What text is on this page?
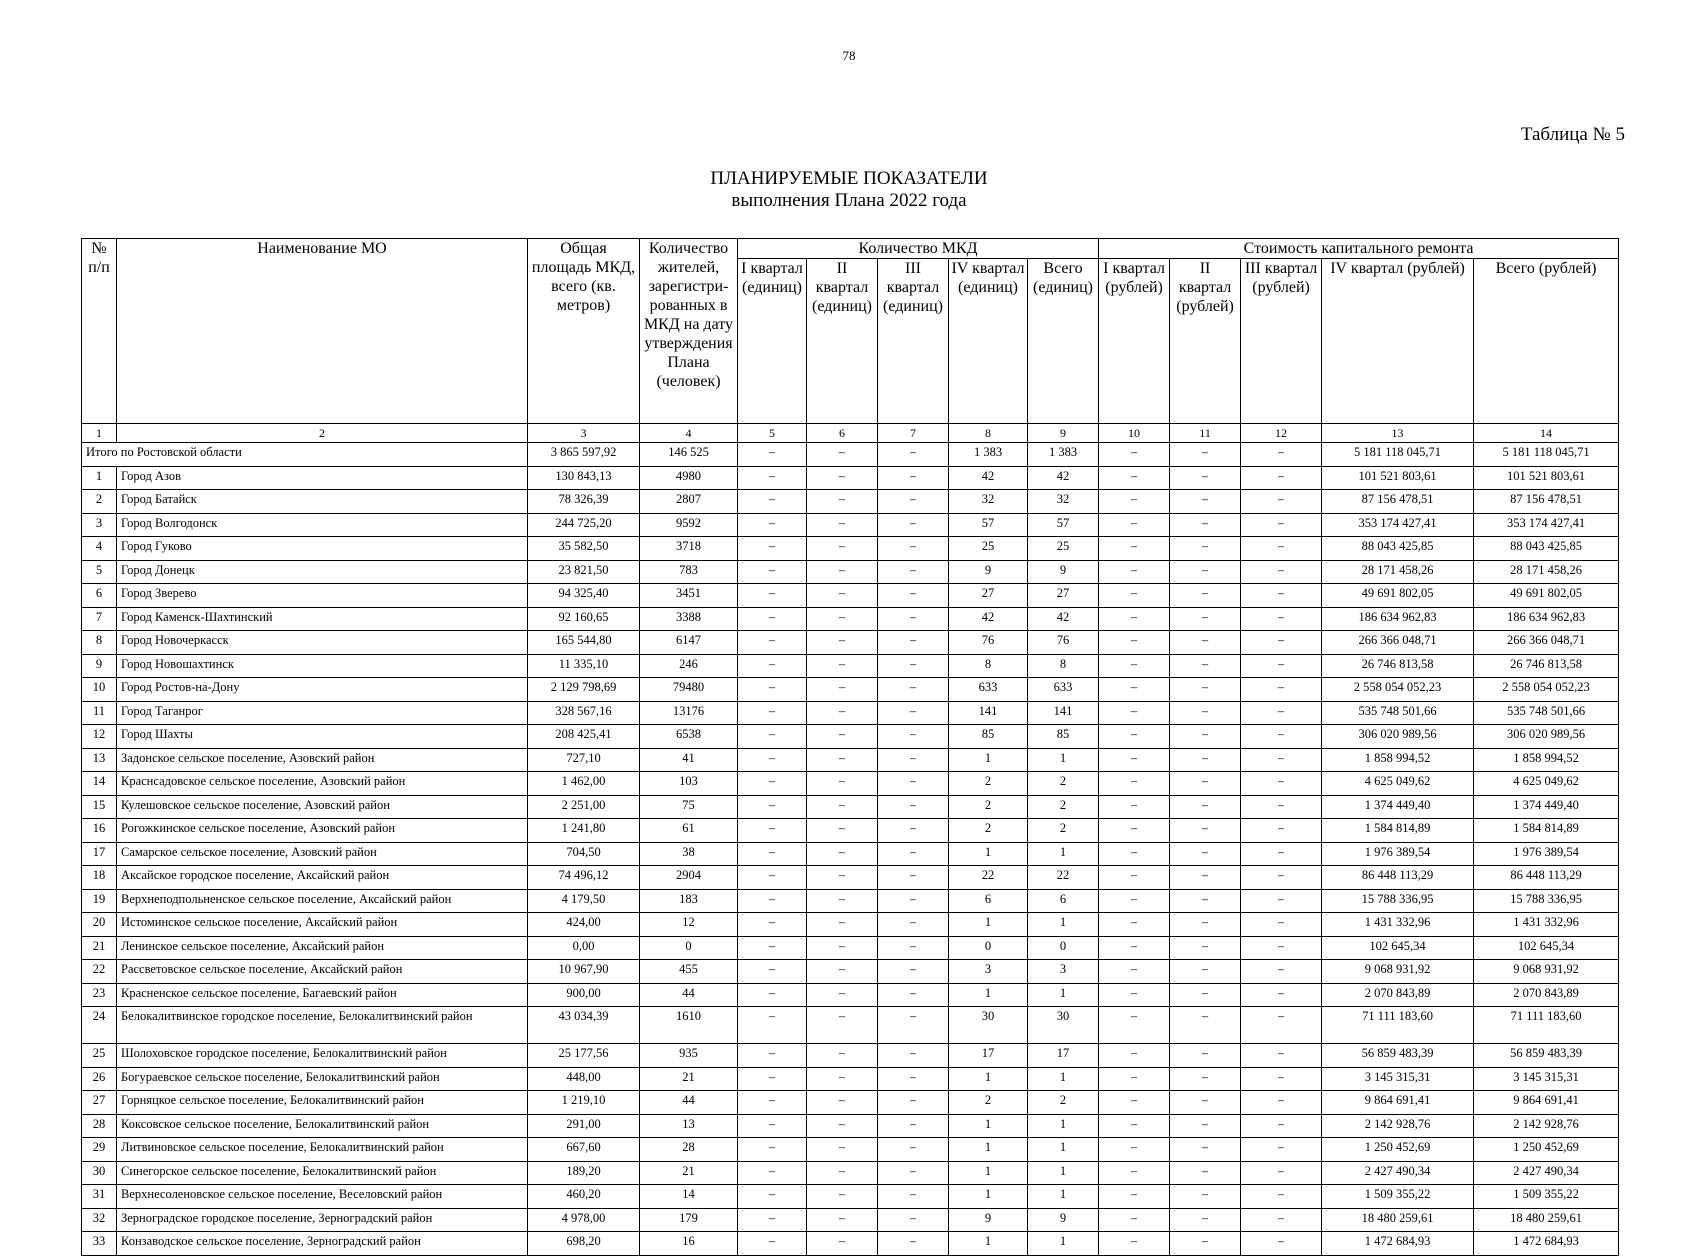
78
Таблица № 5
ПЛАНИРУЕМЫЕ ПОКАЗАТЕЛИ
выполнения Плана 2022 года
№ п/п	Наименование МО	Общая площадь МКД, всего (кв. метров)	Количество жителей, зарегистри-рованных в МКД на дату утверждения Плана (человек)	Количество МКД					Стоимость капитального ремонта				
				I квартал (единиц)	II квартал (единиц)	III квартал (единиц)	IV квартал (единиц)	Всего (единиц)	I квартал (рублей)	II квартал (рублей)	III квартал (рублей)	IV квартал (рублей)	Всего (рублей)
1	2	3	4	5	6	7	8	9	10	11	12	13	14
Итого по Ростовской области		3 865 597,92	146 525	–	–	–	1 383	1 383	–	–	–	5 181 118 045,71	5 181 118 045,71
1	Город Азов	130 843,13	4980	–	–	–	42	42	–	–	–	101 521 803,61	101 521 803,61
2	Город Батайск	78 326,39	2807	–	–	–	32	32	–	–	–	87 156 478,51	87 156 478,51
3	Город Волгодонск	244 725,20	9592	–	–	–	57	57	–	–	–	353 174 427,41	353 174 427,41
4	Город Гуково	35 582,50	3718	–	–	–	25	25	–	–	–	88 043 425,85	88 043 425,85
5	Город Донецк	23 821,50	783	–	–	–	9	9	–	–	–	28 171 458,26	28 171 458,26
6	Город Зверево	94 325,40	3451	–	–	–	27	27	–	–	–	49 691 802,05	49 691 802,05
7	Город Каменск-Шахтинский	92 160,65	3388	–	–	–	42	42	–	–	–	186 634 962,83	186 634 962,83
8	Город Новочеркасск	165 544,80	6147	–	–	–	76	76	–	–	–	266 366 048,71	266 366 048,71
9	Город Новошахтинск	11 335,10	246	–	–	–	8	8	–	–	–	26 746 813,58	26 746 813,58
10	Город Ростов-на-Дону	2 129 798,69	79480	–	–	–	633	633	–	–	–	2 558 054 052,23	2 558 054 052,23
11	Город Таганрог	328 567,16	13176	–	–	–	141	141	–	–	–	535 748 501,66	535 748 501,66
12	Город Шахты	208 425,41	6538	–	–	–	85	85	–	–	–	306 020 989,56	306 020 989,56
13	Задонское сельское поселение, Азовский район	727,10	41	–	–	–	1	1	–	–	–	1 858 994,52	1 858 994,52
14	Краснсадовское сельское поселение, Азовский район	1 462,00	103	–	–	–	2	2	–	–	–	4 625 049,62	4 625 049,62
15	Кулешовское сельское поселение, Азовский район	2 251,00	75	–	–	–	2	2	–	–	–	1 374 449,40	1 374 449,40
16	Рогожкинское сельское поселение, Азовский район	1 241,80	61	–	–	–	2	2	–	–	–	1 584 814,89	1 584 814,89
17	Самарское сельское поселение, Азовский район	704,50	38	–	–	–	1	1	–	–	–	1 976 389,54	1 976 389,54
18	Аксайское городское поселение, Аксайский район	74 496,12	2904	–	–	–	22	22	–	–	–	86 448 113,29	86 448 113,29
19	Верхнеподпольненское сельское поселение, Аксайский район	4 179,50	183	–	–	–	6	6	–	–	–	15 788 336,95	15 788 336,95
20	Истоминское сельское поселение, Аксайский район	424,00	12	–	–	–	1	1	–	–	–	1 431 332,96	1 431 332,96
21	Ленинское сельское поселение, Аксайский район	0,00	0	–	–	–	0	0	–	–	–	102 645,34	102 645,34
22	Рассветовское сельское поселение, Аксайский район	10 967,90	455	–	–	–	3	3	–	–	–	9 068 931,92	9 068 931,92
23	Красненское сельское поселение, Багаевский район	900,00	44	–	–	–	1	1	–	–	–	2 070 843,89	2 070 843,89
24	Белокалитвинское городское поселение, Белокалитвинский район	43 034,39	1610	–	–	–	30	30	–	–	–	71 111 183,60	71 111 183,60
25	Шолоховское городское поселение, Белокалитвинский район	25 177,56	935	–	–	–	17	17	–	–	–	56 859 483,39	56 859 483,39
26	Богураевское сельское поселение, Белокалитвинский район	448,00	21	–	–	–	1	1	–	–	–	3 145 315,31	3 145 315,31
27	Горняцкое сельское поселение, Белокалитвинский район	1 219,10	44	–	–	–	2	2	–	–	–	9 864 691,41	9 864 691,41
28	Коксовское сельское поселение, Белокалитвинский район	291,00	13	–	–	–	1	1	–	–	–	2 142 928,76	2 142 928,76
29	Литвиновское сельское поселение, Белокалитвинский район	667,60	28	–	–	–	1	1	–	–	–	1 250 452,69	1 250 452,69
30	Синегорское сельское поселение, Белокалитвинский район	189,20	21	–	–	–	1	1	–	–	–	2 427 490,34	2 427 490,34
31	Верхнесоленовское сельское поселение, Веселовский район	460,20	14	–	–	–	1	1	–	–	–	1 509 355,22	1 509 355,22
32	Зерноградское городское поселение, Зерноградский район	4 978,00	179	–	–	–	9	9	–	–	–	18 480 259,61	18 480 259,61
33	Конзаводское сельское поселение, Зерноградский район	698,20	16	–	–	–	1	1	–	–	–	1 472 684,93	1 472 684,93
